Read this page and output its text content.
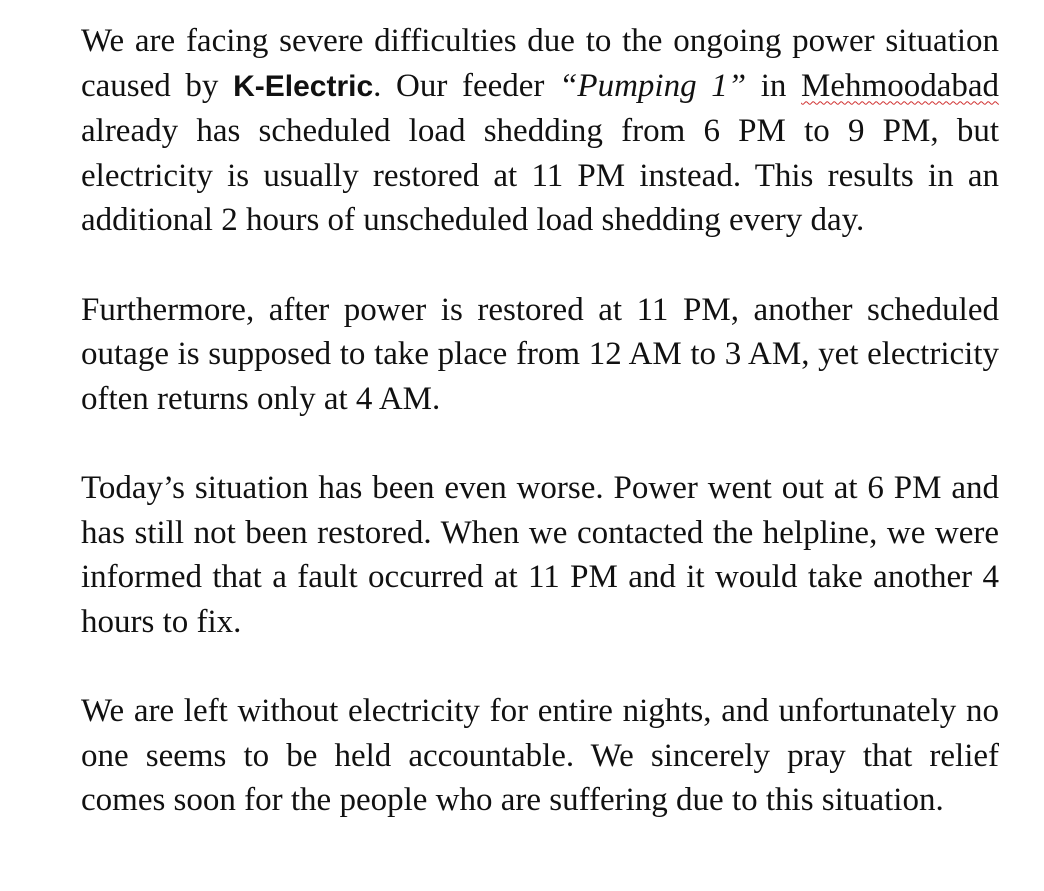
We are facing severe difficulties due to the ongoing power situation caused by K-Electric. Our feeder “Pumping 1” in Mehmoodabad already has scheduled load shedding from 6 PM to 9 PM, but electricity is usually restored at 11 PM instead. This results in an additional 2 hours of unscheduled load shedding every day.

Furthermore, after power is restored at 11 PM, another scheduled outage is supposed to take place from 12 AM to 3 AM, yet electricity often returns only at 4 AM.

Today’s situation has been even worse. Power went out at 6 PM and has still not been restored. When we contacted the helpline, we were informed that a fault occurred at 11 PM and it would take another 4 hours to fix.

We are left without electricity for entire nights, and unfortunately no one seems to be held accountable. We sincerely pray that relief comes soon for the people who are suffering due to this situation.
